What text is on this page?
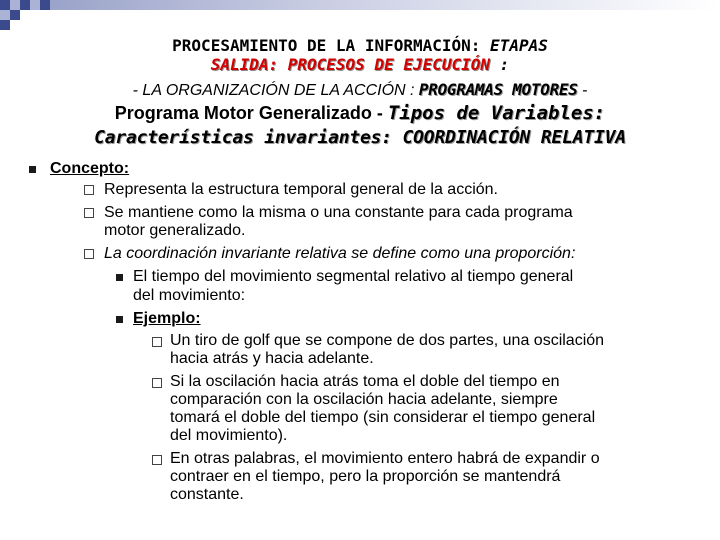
PROCESAMIENTO DE LA INFORMACIÓN: ETAPAS
SALIDA: PROCESOS DE EJECUCIÓN :
- LA ORGANIZACIÓN DE LA ACCIÓN : PROGRAMAS MOTORES -
Programa Motor Generalizado - Tipos de Variables:
Características invariantes: COORDINACIÓN RELATIVA
Concepto:
Representa la estructura temporal general de la acción.
Se mantiene como la misma o una constante para cada programa
motor generalizado.
La coordinación invariante relativa se define como una proporción:
El tiempo del movimiento segmental relativo al tiempo general
del movimiento:
Ejemplo:
Un tiro de golf que se compone de dos partes, una oscilación
hacia atrás y hacia adelante.
Si la oscilación hacia atrás toma el doble del tiempo en
comparación con la oscilación hacia adelante, siempre
tomará el doble del tiempo (sin considerar el tiempo general
del movimiento).
En otras palabras, el movimiento entero habrá de expandir o
contraer en el tiempo, pero la proporción se mantendrá
constante.
